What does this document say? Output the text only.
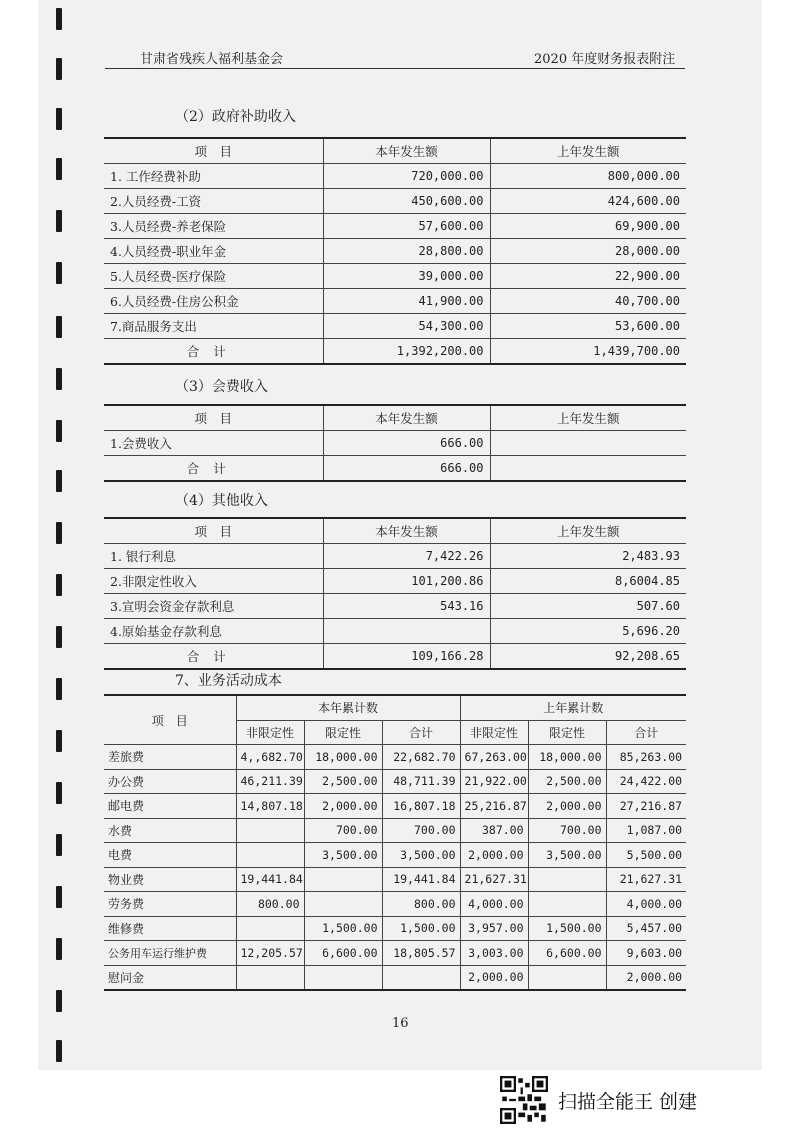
甘肃省残疾人福利基金会	2020 年度财务报表附注
（2）政府补助收入
项　目	本年发生额	上年发生额
1. 工作经费补助	720,000.00	800,000.00
2.人员经费-工资	450,600.00	424,600.00
3.人员经费-养老保险	57,600.00	69,900.00
4.人员经费-职业年金	28,800.00	28,000.00
5.人员经费-医疗保险	39,000.00	22,900.00
6.人员经费-住房公积金	41,900.00	40,700.00
7.商品服务支出	54,300.00	53,600.00
合计	1,392,200.00	1,439,700.00
（3）会费收入
项　目	本年发生额	上年发生额
1.会费收入	666.00	
合计	666.00	
（4）其他收入
项　目	本年发生额	上年发生额
1. 银行利息	7,422.26	2,483.93
2.非限定性收入	101,200.86	8,6004.85
3.宣明会资金存款利息	543.16	507.60
4.原始基金存款利息		5,696.20
合计	109,166.28	92,208.65
7、业务活动成本
项　目	本年累计数			上年累计数		
	非限定性	限定性	合计	非限定性	限定性	合计
差旅费	4,,682.70	18,000.00	22,682.70	67,263.00	18,000.00	85,263.00
办公费	46,211.39	2,500.00	48,711.39	21,922.00	2,500.00	24,422.00
邮电费	14,807.18	2,000.00	16,807.18	25,216.87	2,000.00	27,216.87
水费		700.00	700.00	387.00	700.00	1,087.00
电费		3,500.00	3,500.00	2,000.00	3,500.00	5,500.00
物业费	19,441.84		19,441.84	21,627.31		21,627.31
劳务费	800.00		800.00	4,000.00		4,000.00
维修费		1,500.00	1,500.00	3,957.00	1,500.00	5,457.00
公务用车运行维护费	12,205.57	6,600.00	18,805.57	3,003.00	6,600.00	9,603.00
慰问金				2,000.00		2,000.00
16
扫描全能王 创建
